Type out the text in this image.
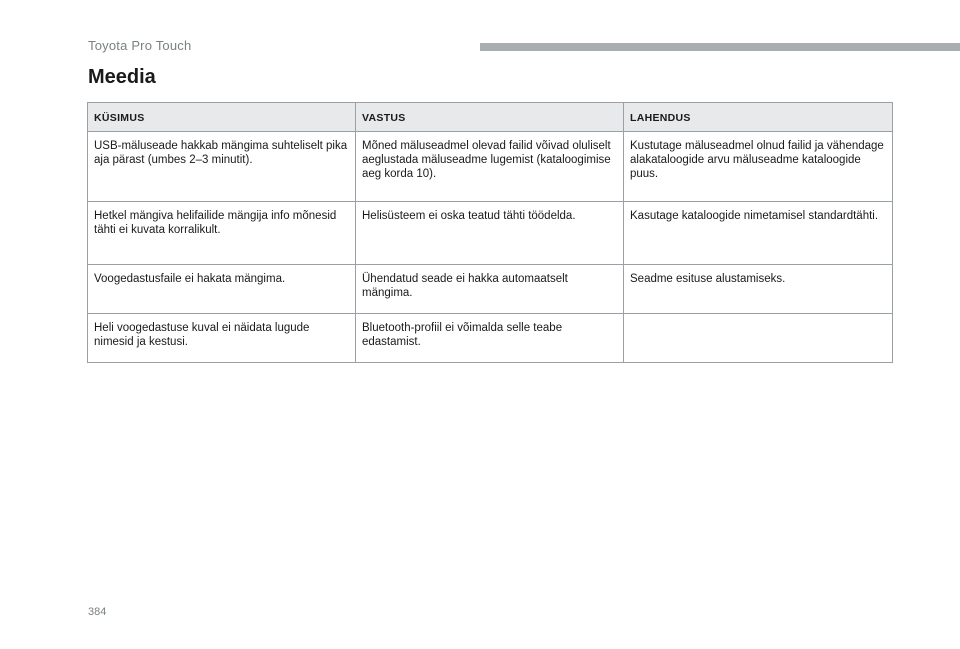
Toyota Pro Touch
Meedia
KÜSIMUS	VASTUS	LAHENDUS
USB-mäluseade hakkab mängima suhteliselt pika aja pärast (umbes 2–3 minutit).	Mõned mäluseadmel olevad failid võivad oluliselt aeglustada mäluseadme lugemist (kataloogimise aeg korda 10).	Kustutage mäluseadmel olnud failid ja vähendage alakataloogide arvu mäluseadme kataloogide puus.
Hetkel mängiva helifailide mängija info mõnesid tähti ei kuvata korralikult.	Helisüsteem ei oska teatud tähti töödelda.	Kasutage kataloogide nimetamisel standardtähti.
Voogedastusfaile ei hakata mängima.	Ühendatud seade ei hakka automaatselt mängima.	Seadme esituse alustamiseks.
Heli voogedastuse kuval ei näidata lugude nimesid ja kestusi.	Bluetooth-profiil ei võimalda selle teabe edastamist.	
384
